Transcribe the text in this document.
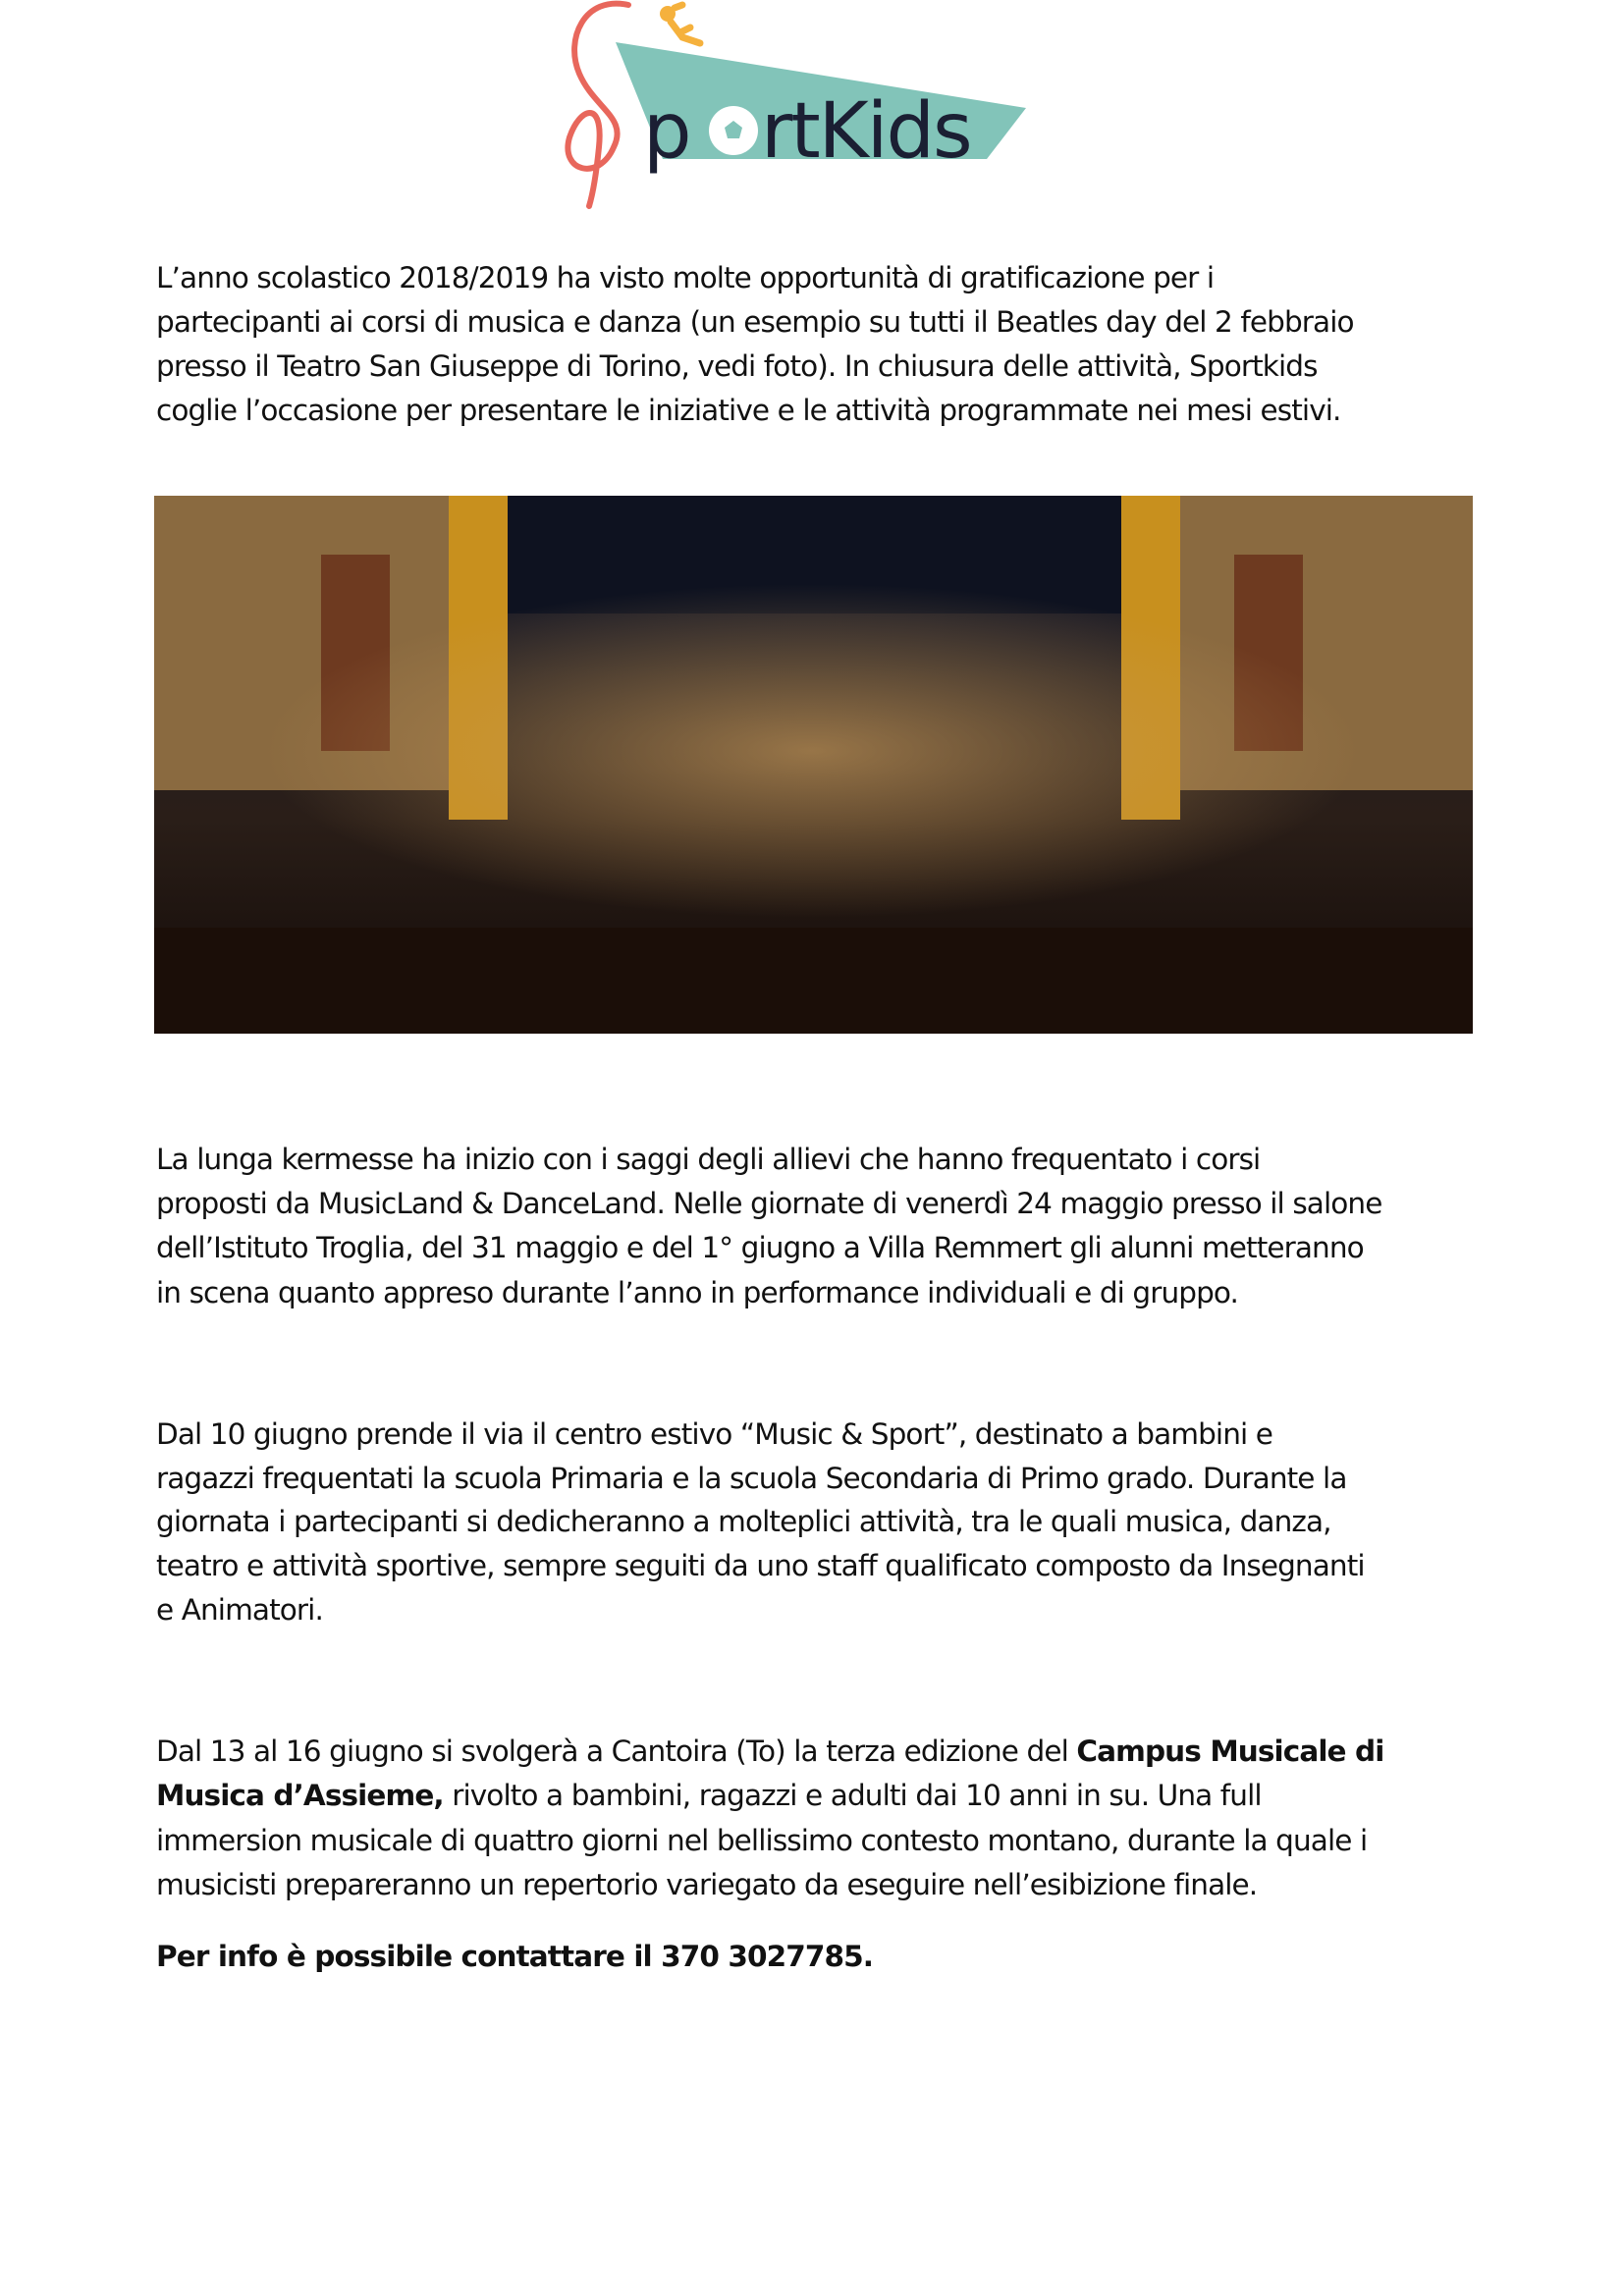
p rtKids
L’anno scolastico 2018/2019 ha visto molte opportunità di gratificazione per i
partecipanti ai corsi di musica e danza (un esempio su tutti il Beatles day del 2 febbraio
presso il Teatro San Giuseppe di Torino, vedi foto). In chiusura delle attività, Sportkids
coglie l’occasione per presentare le iniziative e le attività programmate nei mesi estivi.
La lunga kermesse ha inizio con i saggi degli allievi che hanno frequentato i corsi
proposti da MusicLand & DanceLand. Nelle giornate di venerdì 24 maggio presso il salone
dell’Istituto Troglia, del 31 maggio e del 1° giugno a Villa Remmert gli alunni metteranno
in scena quanto appreso durante l’anno in performance individuali e di gruppo.
Dal 10 giugno prende il via il centro estivo “Music & Sport”, destinato a bambini e
ragazzi frequentati la scuola Primaria e la scuola Secondaria di Primo grado. Durante la
giornata i partecipanti si dedicheranno a molteplici attività, tra le quali musica, danza,
teatro e attività sportive, sempre seguiti da uno staff qualificato composto da Insegnanti
e Animatori.
Dal 13 al 16 giugno si svolgerà a Cantoira (To) la terza edizione del Campus Musicale di
Musica d’Assieme, rivolto a bambini, ragazzi e adulti dai 10 anni in su. Una full
immersion musicale di quattro giorni nel bellissimo contesto montano, durante la quale i
musicisti prepareranno un repertorio variegato da eseguire nell’esibizione finale.
Per info è possibile contattare il 370 3027785.
